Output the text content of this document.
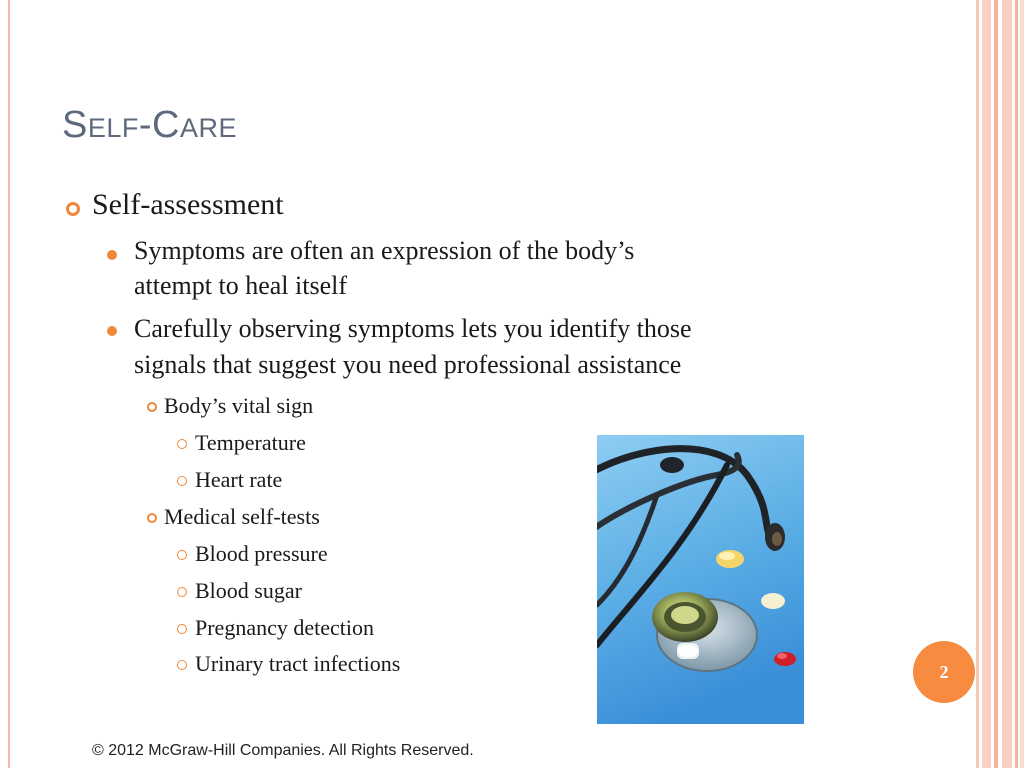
Self-Care
Self-assessment
Symptoms are often an expression of the body’s
attempt to heal itself
Carefully observing symptoms lets you identify those
signals that suggest you need professional assistance
Body’s vital sign
Temperature
Heart rate
Medical self-tests
Blood pressure
Blood sugar
Pregnancy detection
Urinary tract infections	2
© 2012 McGraw-Hill Companies. All Rights Reserved.
